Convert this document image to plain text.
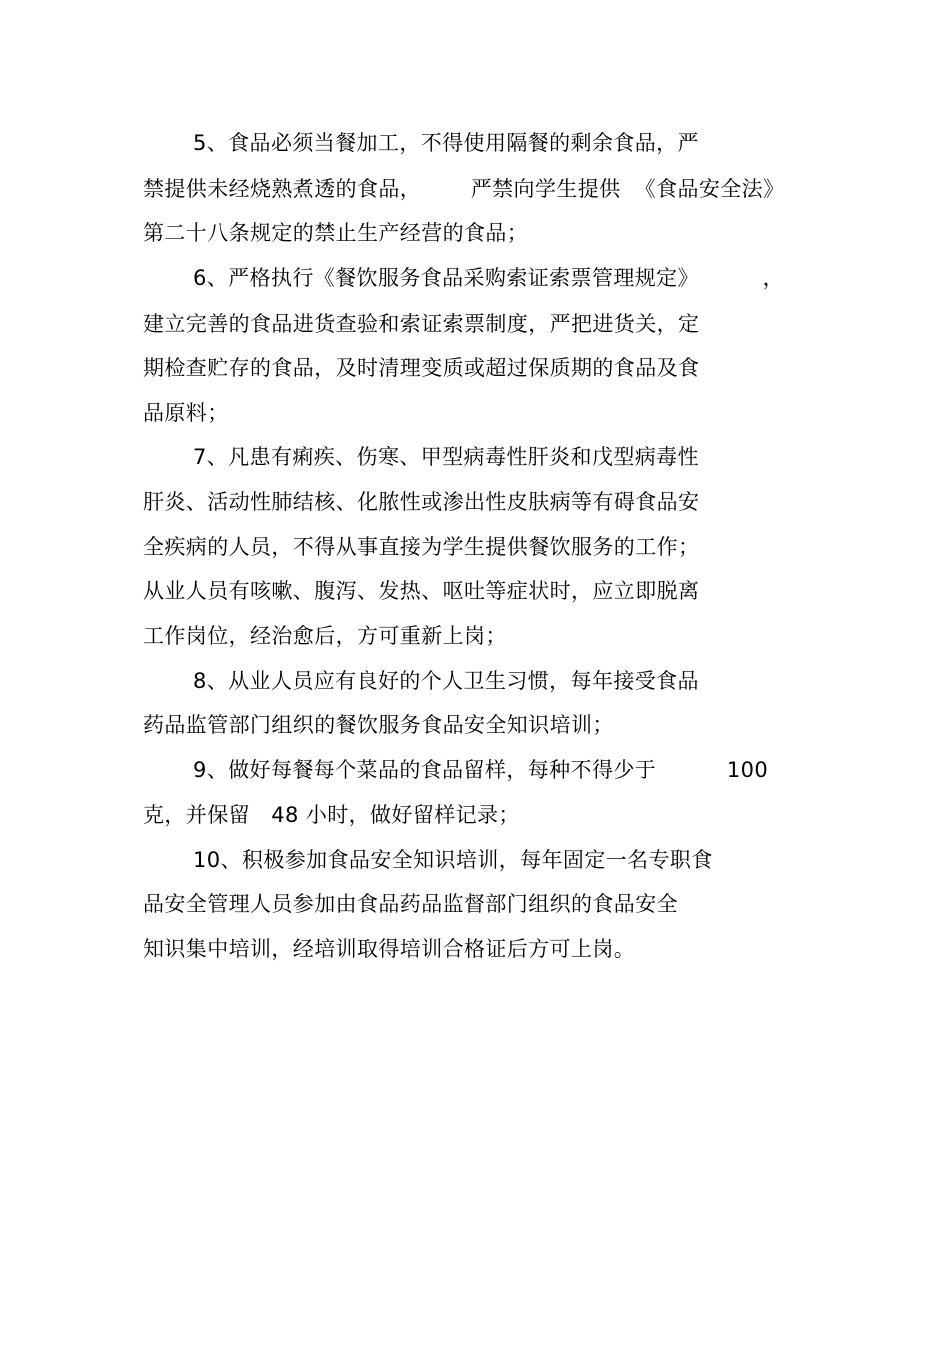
5、食品必须当餐加工，不得使用隔餐的剩余食品，严
禁提供未经烧熟煮透的食品，       严禁向学生提供  《食品安全法》
第二十八条规定的禁止生产经营的食品；
6、严格执行《餐饮服务食品采购索证索票管理规定》         ，
建立完善的食品进货查验和索证索票制度，严把进货关，定
期检查贮存的食品，及时清理变质或超过保质期的食品及食
品原料；
7、凡患有痢疾、伤寒、甲型病毒性肝炎和戊型病毒性
肝炎、活动性肺结核、化脓性或渗出性皮肤病等有碍食品安
全疾病的人员，不得从事直接为学生提供餐饮服务的工作；
从业人员有咳嗽、腹泻、发热、呕吐等症状时，应立即脱离
工作岗位，经治愈后，方可重新上岗；
8、从业人员应有良好的个人卫生习惯，每年接受食品
药品监管部门组织的餐饮服务食品安全知识培训；
9、做好每餐每个菜品的食品留样，每种不得少于          100
克，并保留   48 小时，做好留样记录；
10、积极参加食品安全知识培训，每年固定一名专职食
品安全管理人员参加由食品药品监督部门组织的食品安全
知识集中培训，经培训取得培训合格证后方可上岗。
